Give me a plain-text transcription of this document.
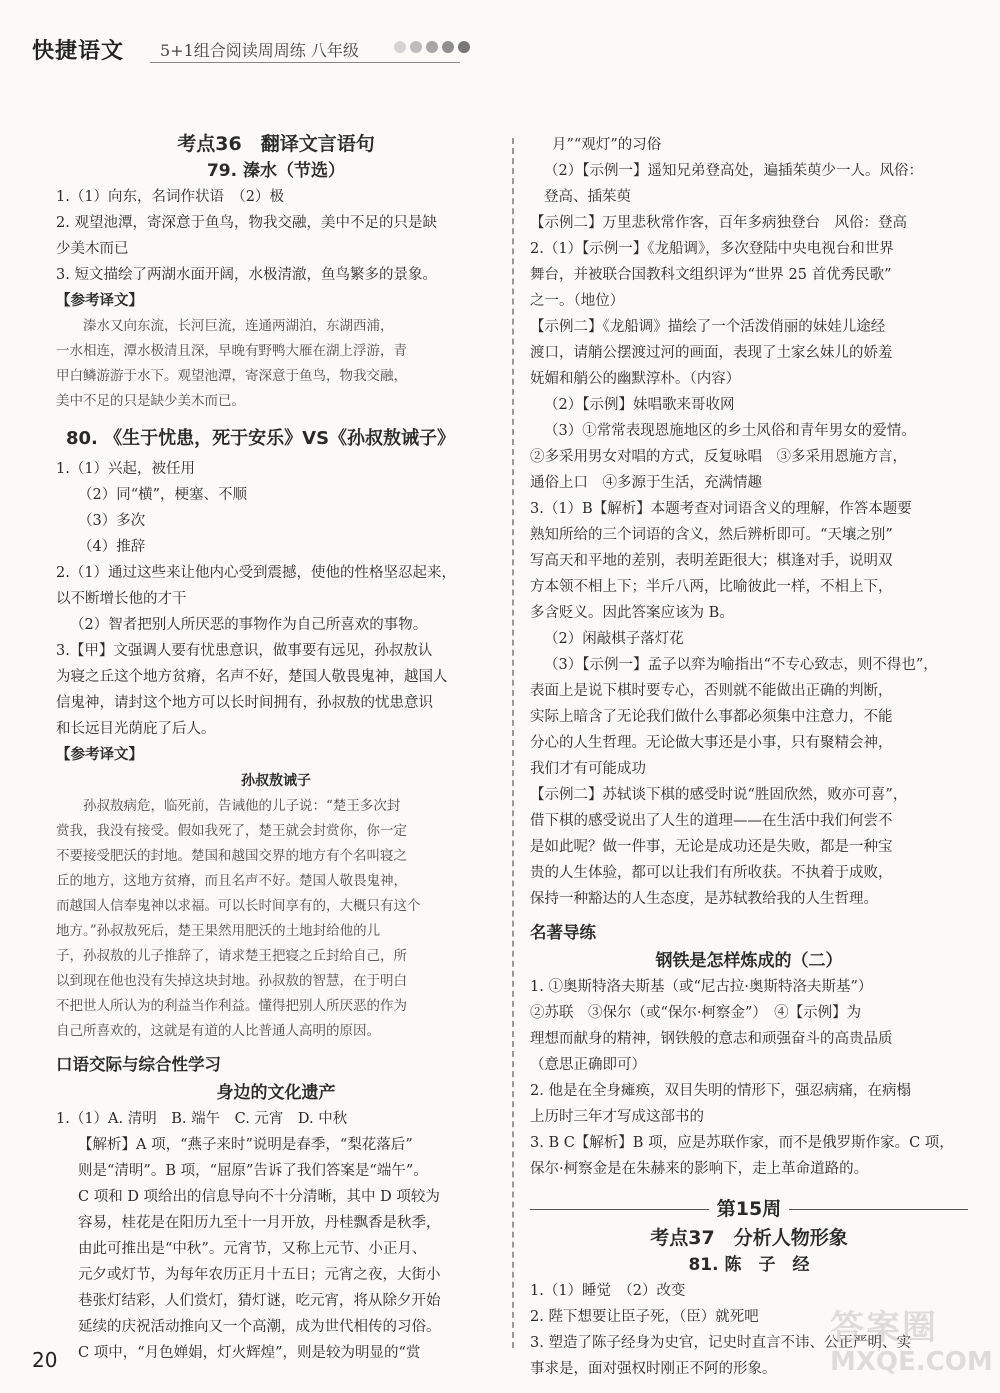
快捷语文 5+1组合阅读周周练 八年级
考点36　翻译文言语句
79. 溱水（节选）

1.（1）向东，名词作状语　（2）极

2. 观望池潭，寄深意于鱼鸟，物我交融，美中不足的只是缺

少美木而已

3. 短文描绘了两湖水面开阔，水极清澈，鱼鸟繁多的景象。

【参考译文】

溱水又向东流，长河巨流，连通两湖泊，东湖西浦，

一水相连，潭水极清且深，早晚有野鸭大雁在湖上浮游，青

甲白鳞游游于水下。观望池潭，寄深意于鱼鸟，物我交融，

美中不足的只是缺少美木而已。

80. 《生于忧患，死于安乐》VS《孙叔敖诫子》

1.（1）兴起，被任用

（2）同“横”，梗塞、不顺

（3）多次

（4）推辞

2.（1）通过这些来让他内心受到震撼，使他的性格坚忍起来，

以不断增长他的才干

（2）智者把别人所厌恶的事物作为自己所喜欢的事物。

3.【甲】文强调人要有忧患意识，做事要有远见，孙叔敖认

为寝之丘这个地方贫瘠，名声不好，楚国人敬畏鬼神，越国人

信鬼神，请封这个地方可以长时间拥有，孙叔敖的忧患意识

和长远目光荫庇了后人。

【参考译文】
孙叔敖诫子

孙叔敖病危，临死前，告诫他的儿子说：“楚王多次封

赏我，我没有接受。假如我死了，楚王就会封赏你，你一定

不要接受肥沃的封地。楚国和越国交界的地方有个名叫寝之

丘的地方，这地方贫瘠，而且名声不好。楚国人敬畏鬼神，

而越国人信奉鬼神以求福。可以长时间享有的，大概只有这个

地方。”孙叔敖死后，楚王果然用肥沃的土地封给他的儿

子，孙叔敖的儿子推辞了，请求楚王把寝之丘封给自己，所

以到现在他也没有失掉这块封地。孙叔敖的智慧，在于明白

不把世人所认为的利益当作利益。懂得把别人所厌恶的作为

自己所喜欢的，这就是有道的人比普通人高明的原因。

口语交际与综合性学习
身边的文化遗产

1.（1）A. 清明　B. 端午　C. 元宵　D. 中秋

【解析】A 项，“燕子来时”说明是春季，“梨花落后”

则是“清明”。B 项，“屈原”告诉了我们答案是“端午”。

C 项和 D 项给出的信息导向不十分清晰，其中 D 项较为

容易，桂花是在阳历九至十一月开放，丹桂飘香是秋季，

由此可推出是“中秋”。元宵节，又称上元节、小正月、

元夕或灯节，为每年农历正月十五日；元宵之夜，大街小

巷张灯结彩，人们赏灯，猜灯谜，吃元宵，将从除夕开始

延续的庆祝活动推向又一个高潮，成为世代相传的习俗。

C 项中，“月色婵娟，灯火辉煌”，则是较为明显的“赏

月”“观灯”的习俗

（2）【示例一】遥知兄弟登高处，遍插茱萸少一人。风俗：

登高、插茱萸

【示例二】万里悲秋常作客，百年多病独登台　风俗：登高

2.（1）【示例一】《龙船调》，多次登陆中央电视台和世界

舞台，并被联合国教科文组织评为“世界 25 首优秀民歌”

之一。（地位）

【示例二】《龙船调》描绘了一个活泼俏丽的妹娃儿途经

渡口，请艄公摆渡过河的画面，表现了土家幺妹儿的娇羞

妩媚和艄公的幽默淳朴。（内容）

（2）【示例】妹唱歌来哥收网

（3）①常常表现恩施地区的乡土风俗和青年男女的爱情。

②多采用男女对唱的方式，反复咏唱　③多采用恩施方言，

通俗上口　④多源于生活，充满情趣

3.（1）B【解析】本题考查对词语含义的理解，作答本题要

熟知所给的三个词语的含义，然后辨析即可。“天壤之别”

写高天和平地的差别，表明差距很大；棋逢对手，说明双

方本领不相上下；半斤八两，比喻彼此一样，不相上下，

多含贬义。因此答案应该为 B。

（2）闲敲棋子落灯花

（3）【示例一】孟子以弈为喻指出“不专心致志，则不得也”，

表面上是说下棋时要专心，否则就不能做出正确的判断，

实际上暗含了无论我们做什么事都必须集中注意力，不能

分心的人生哲理。无论做大事还是小事，只有聚精会神，

我们才有可能成功

【示例二】苏轼谈下棋的感受时说“胜固欣然，败亦可喜”，

借下棋的感受说出了人生的道理——在生活中我们何尝不

是如此呢？做一件事，无论是成功还是失败，都是一种宝

贵的人生体验，都可以让我们有所收获。不执着于成败，

保持一种豁达的人生态度，是苏轼教给我的人生哲理。

名著导练
钢铁是怎样炼成的（二）

1. ①奥斯特洛夫斯基（或“尼古拉·奥斯特洛夫斯基”）

②苏联　③保尔（或“保尔·柯察金”）　④【示例】为

理想而献身的精神，钢铁般的意志和顽强奋斗的高贵品质

（意思正确即可）

2. 他是在全身瘫痪，双目失明的情形下，强忍病痛，在病榻

上历时三年才写成这部书的

3. B C【解析】B 项，应是苏联作家，而不是俄罗斯作家。C 项，

保尔·柯察金是在朱赫来的影响下，走上革命道路的。

第15周
考点37　分析人物形象
81. 陈　子　经

1.（1）睡觉　（2）改变

2. 陛下想要让臣子死，（臣）就死吧

3. 塑造了陈子经身为史官，记史时直言不讳、公正严明、实

事求是，面对强权时刚正不阿的形象。

20
答案圈
MXQE.COM
